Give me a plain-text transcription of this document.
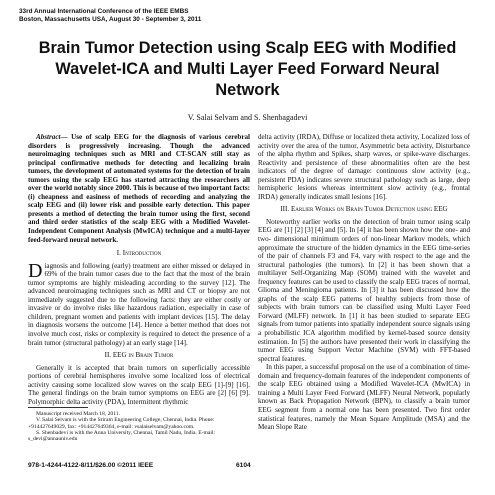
33rd Annual International Conference of the IEEE EMBS
Boston, Massachusetts USA, August 30 - September 3, 2011
Brain Tumor Detection using Scalp EEG with Modified Wavelet-ICA and Multi Layer Feed Forward Neural Network
V. Salai Selvam and S. Shenbagadevi

Abstract— Use of scalp EEG for the diagnosis of various cerebral disorders is progressively increasing. Though the advanced neuroimaging techniques such as MRI and CT-SCAN still stay as principal confirmative methods for detecting and localizing brain tumors, the development of automated systems for the detection of brain tumors using the scalp EEG has started attracting the researchers all over the world notably since 2000. This is because of two important facts: (i) cheapness and easiness of methods of recording and analyzing the scalp EEG and (ii) lower risk and possible early detection. This paper presents a method of detecting the brain tumor using the first, second and third order statistics of the scalp EEG with a Modified Wavelet-Independent Component Analysis (MwICA) technique and a multi-layer feed-forward neural network.

I. Introduction

Diagnosis and following (early) treatment are either missed or delayed in 69% of the brain tumor cases due to the fact that the most of the brain tumor symptoms are highly misleading according to the survey [12]. The advanced neuroimaging techniques such as MRI and CT or biopsy are not immediately suggested due to the following facts: they are either costly or invasive or do involve risks like hazardous radiation, especially in case of children, pregnant women and patients with implant devices [15]. The delay in diagnosis worsens the outcome [14]. Hence a better method that does not involve much cost, risks or complexity is required to detect the presence of a brain tumor (structural pathology) at an early stage [14].

II. EEG in Brain Tumor

Generally it is accepted that brain tumors on superficially accessible portions of cerebral hemispheres involve some localized loss of electrical activity causing some localized slow waves on the scalp EEG [1]-[9] [16]. The general findings on the brain tumor symptoms on EEG are [2] [6] [9]. Polymorphic delta activity (PDA), Intermittent rhythmic

Manuscript received March 18, 2011.

V. Salai Selvam is with the Sriram Engineering College, Chennai, India. Phone: +914427649029, fax: +914427649364, e-mail: vsalaiselvam@yahoo.com.

S. Shenbadevi is with the Anna University, Chennai, Tamil Nadu, India. E-mail: s_devi@annauniv.edu

delta activity (IRDA), Diffuse or localized theta activity, Localized loss of activity over the area of the tumor, Asymmetric beta activity, Disturbance of the alpha rhythm and Spikes, sharp waves, or spike-wave discharges. Reactivity and persistence of these abnormalities often are the best indicators of the degree of damage: continuous slow activity (e.g., persistent PDA) indicates severe structural pathology such as large, deep hemispheric lesions whereas intermittent slow activity (e.g., frontal IRDA) generally indicates small lesions [16].

III. Earlier Works on Brain Tumor Detection using EEG

Noteworthy earlier works on the detection of brain tumor using scalp EEG are [1] [2] [3] [4] and [5]. In [4] it has been shown how the one- and two- dimensional minimum orders of non-linear Markov models, which approximate the structure of the hidden dynamics in the EEG time-series of the pair of channels F3 and F4, vary with respect to the age and the structural pathologies (the tumors). In [2] it has been shown that a multilayer Self-Organizing Map (SOM) trained with the wavelet and frequency features can be used to classify the scalp EEG traces of normal, Glioma and Meningioma patients. In [3] it has been discussed how the graphs of the scalp EEG patterns of healthy subjects from those of subjects with brain tumors can be classified using Multi Layer Feed Forward (MLFF) network. In [1] it has been studied to separate EEG signals from tumor patients into spatially independent source signals using a probabilistic ICA algorithm modified by kernel-based source density estimation. In [5] the authors have presented their work in classifying the tumor EEG using Support Vector Machine (SVM) with FFT-based spectral features.

In this paper, a successful proposal on the use of a combination of time-domain and frequency-domain features of the independent components of the scalp EEG obtained using a Modified Wavelet-ICA (MwICA) in training a Multi Layer Feed Forward (MLFF) Neural Network, popularly known as Back Propagation Network (BPN), to classify a brain tumor EEG segment from a normal one has been presented. Two first order statistical features, namely the Mean Square Amplitude (MSA) and the Mean Slope Rate

978-1-4244-4122-8/11/$26.00 ©2011 IEEE	6104
